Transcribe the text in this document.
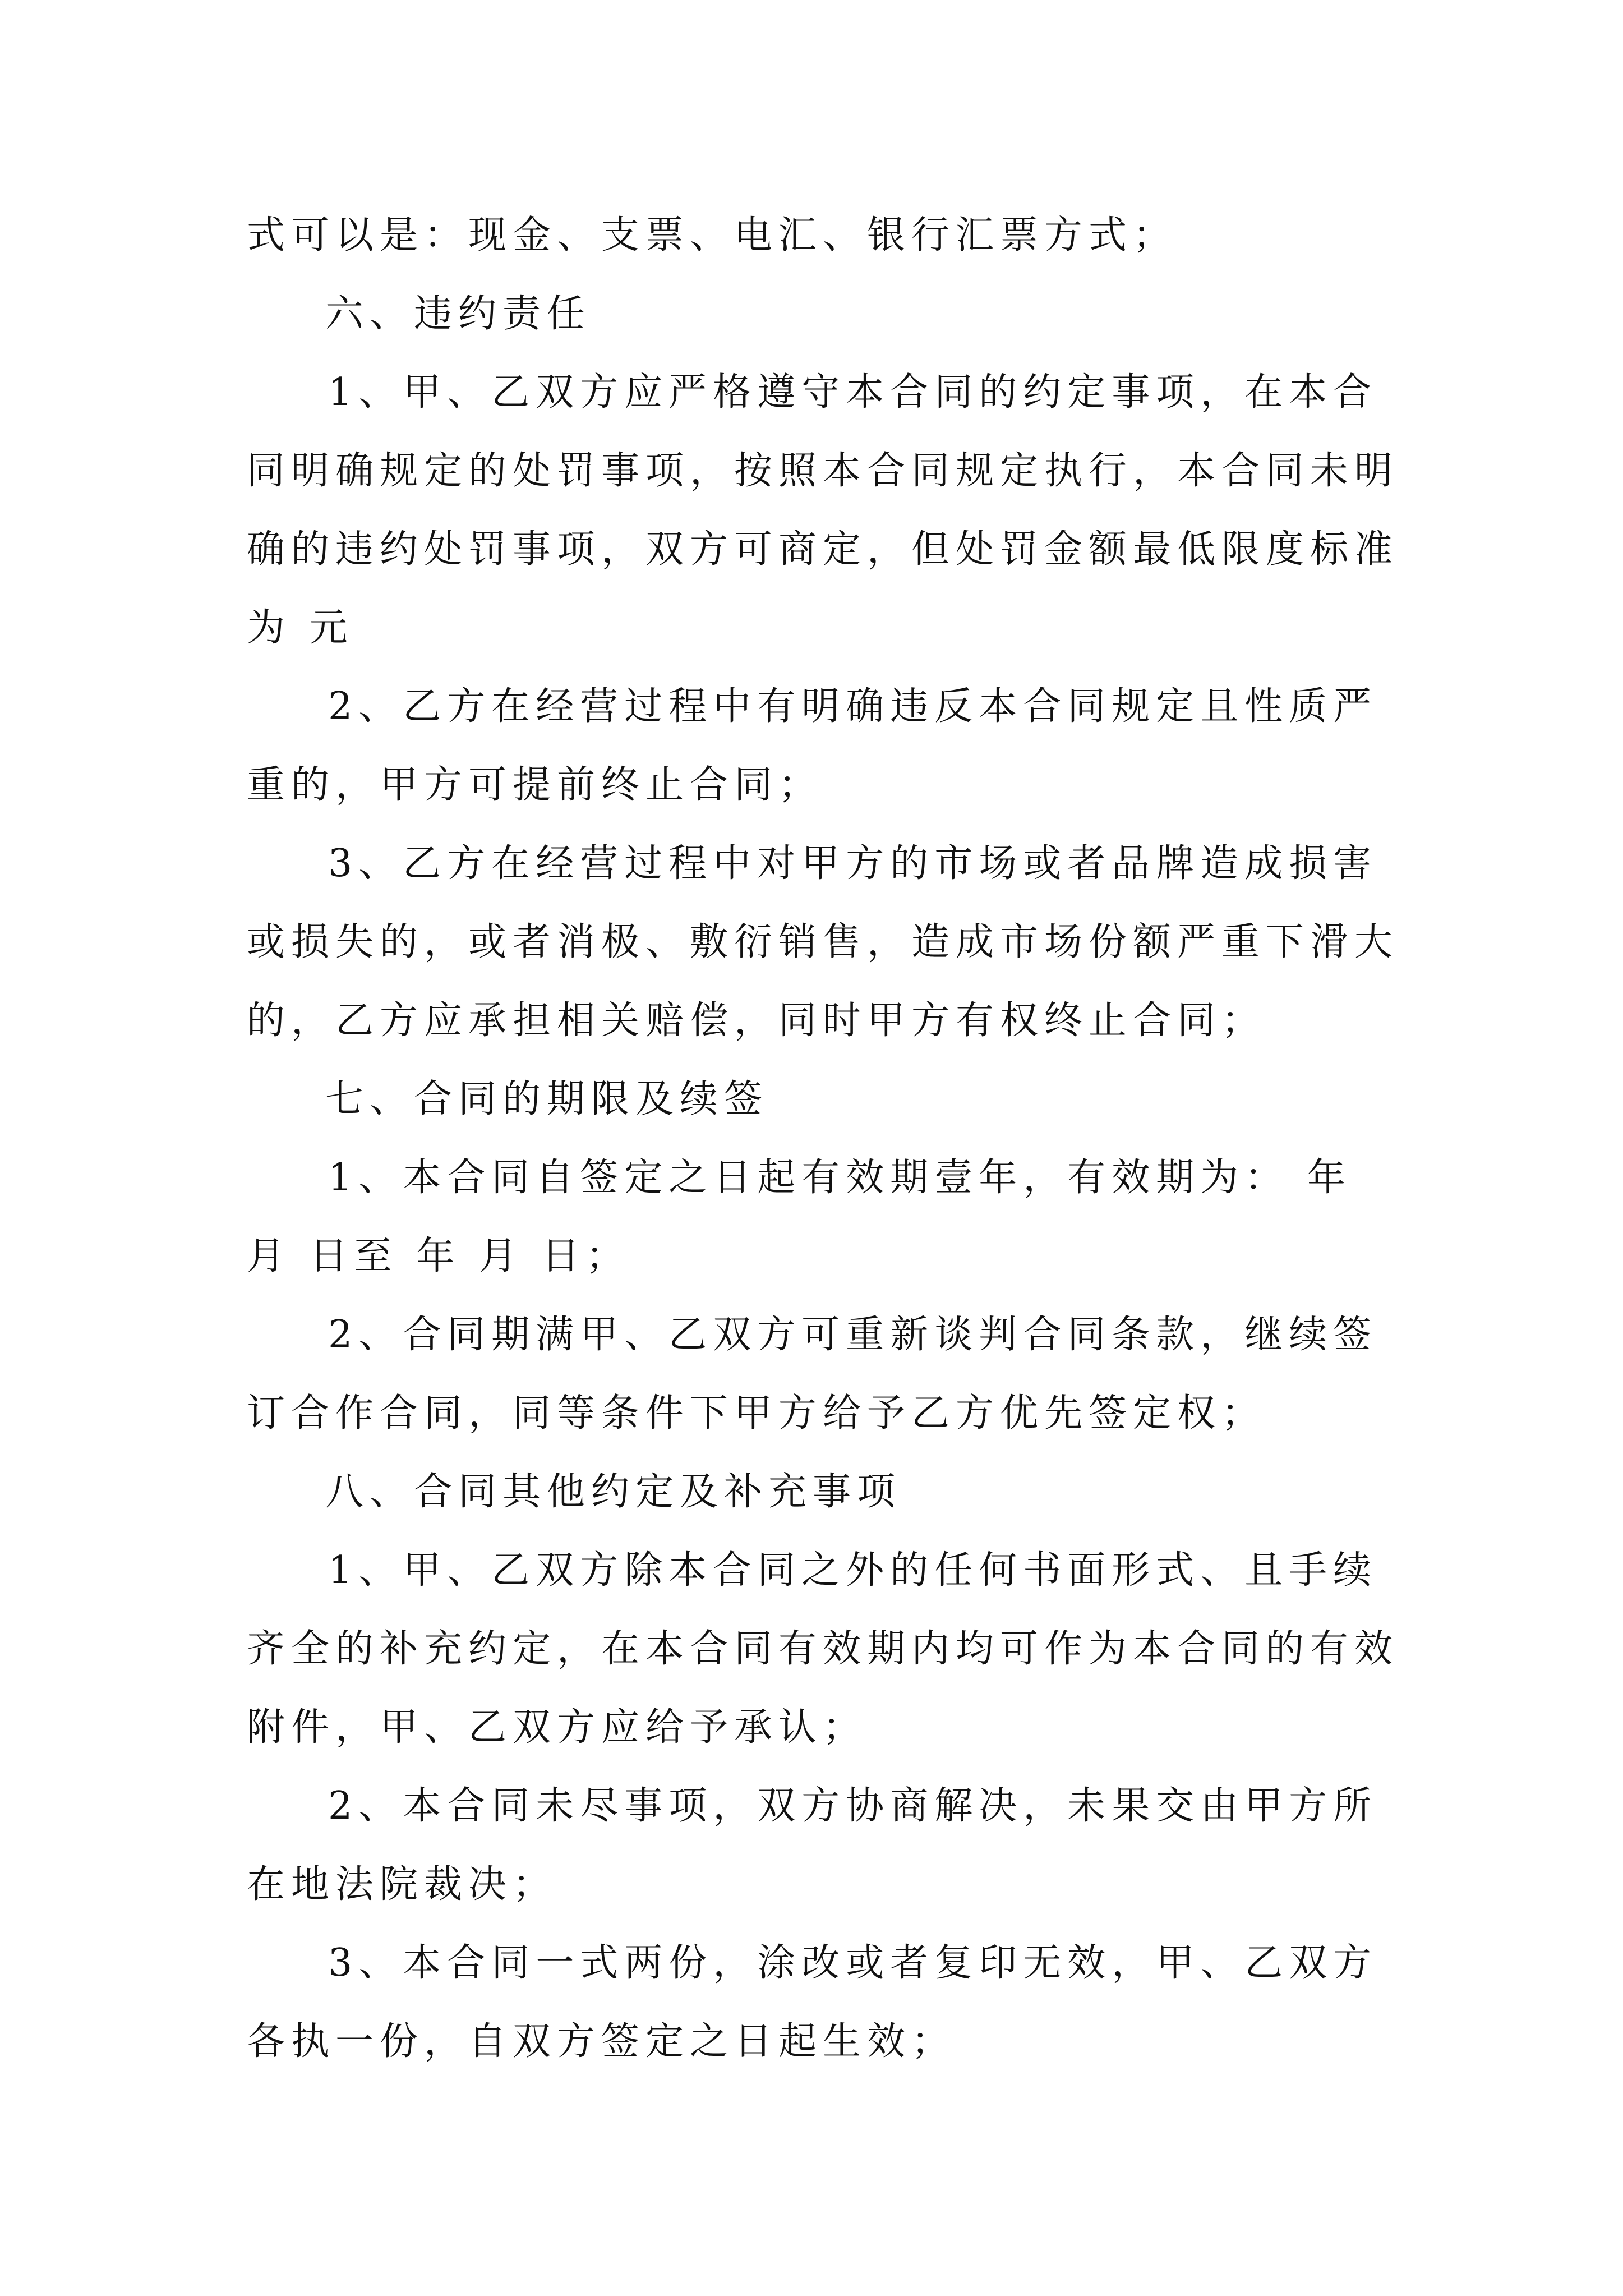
式可以是：现金、支票、电汇、银行汇票方式；
六、违约责任
1、甲、乙双方应严格遵守本合同的约定事项，在本合
同明确规定的处罚事项，按照本合同规定执行，本合同未明
确的违约处罚事项，双方可商定，但处罚金额最低限度标准
为 元
2、乙方在经营过程中有明确违反本合同规定且性质严
重的，甲方可提前终止合同；
3、乙方在经营过程中对甲方的市场或者品牌造成损害
或损失的，或者消极、敷衍销售，造成市场份额严重下滑大
的，乙方应承担相关赔偿，同时甲方有权终止合同；
七、合同的期限及续签
1、本合同自签定之日起有效期壹年，有效期为： 年
月 日至 年 月 日；
2、合同期满甲、乙双方可重新谈判合同条款，继续签
订合作合同，同等条件下甲方给予乙方优先签定权；
八、合同其他约定及补充事项
1、甲、乙双方除本合同之外的任何书面形式、且手续
齐全的补充约定，在本合同有效期内均可作为本合同的有效
附件，甲、乙双方应给予承认；
2、本合同未尽事项，双方协商解决，未果交由甲方所
在地法院裁决；
3、本合同一式两份，涂改或者复印无效，甲、乙双方
各执一份，自双方签定之日起生效；
